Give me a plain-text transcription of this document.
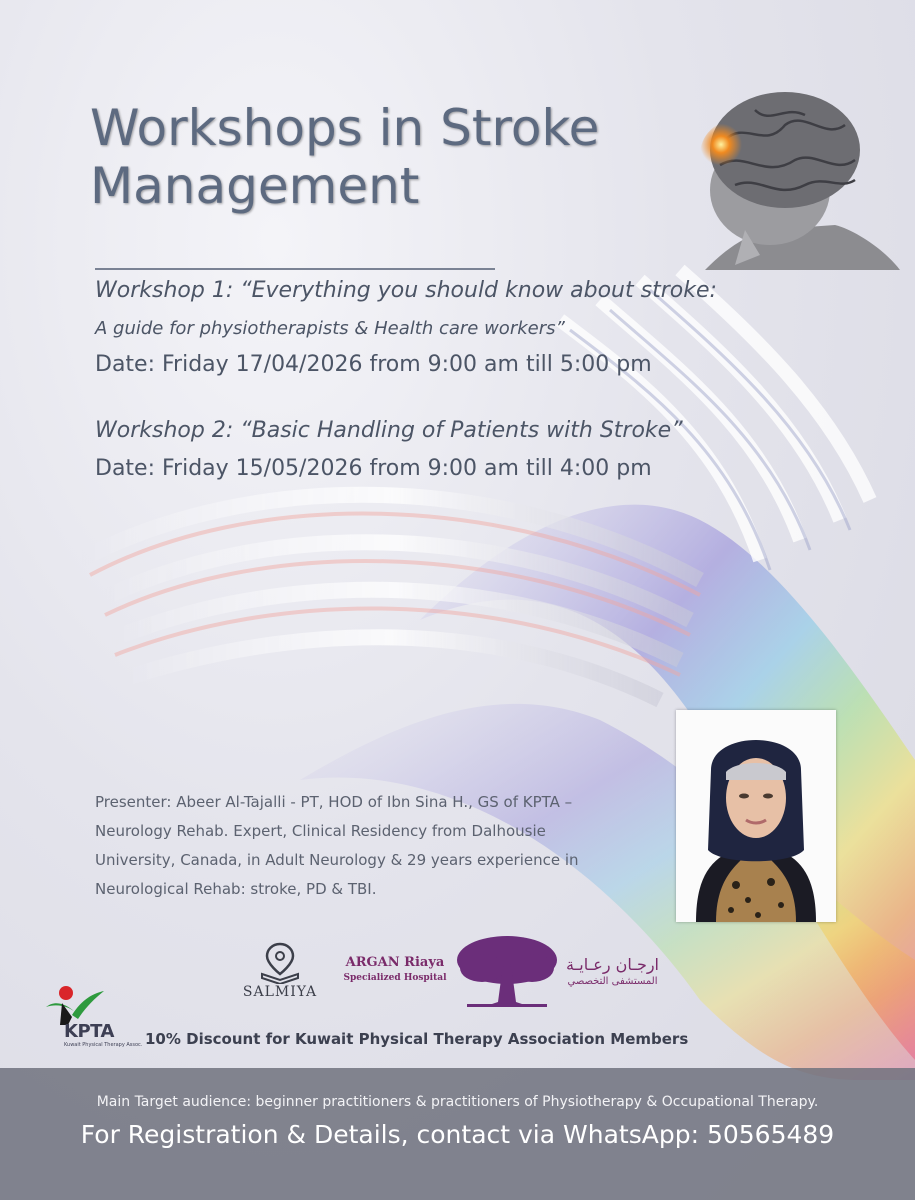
Workshops in Stroke
Management
Workshop 1: “Everything you should know about stroke:
A guide for physiotherapists & Health care workers”
Date: Friday 17/04/2026 from 9:00 am till 5:00 pm
Workshop 2: “Basic Handling of Patients with Stroke”
Date: Friday 15/05/2026 from 9:00 am till 4:00 pm
Presenter: Abeer Al-Tajalli - PT, HOD of Ibn Sina H., GS of KPTA –
Neurology Rehab. Expert, Clinical Residency from Dalhousie
University, Canada, in Adult Neurology & 29 years experience in
Neurological Rehab: stroke, PD & TBI.
SALMIYA
ARGAN Riaya
Specialized Hospital
ارجـان رعـايـة
المستشفى التخصصي
KPTA
Kuwait Physical Therapy Assoc. 10% Discount for Kuwait Physical Therapy Association Members
Main Target audience: beginner practitioners & practitioners of Physiotherapy & Occupational Therapy.
For Registration & Details, contact via WhatsApp: 50565489
